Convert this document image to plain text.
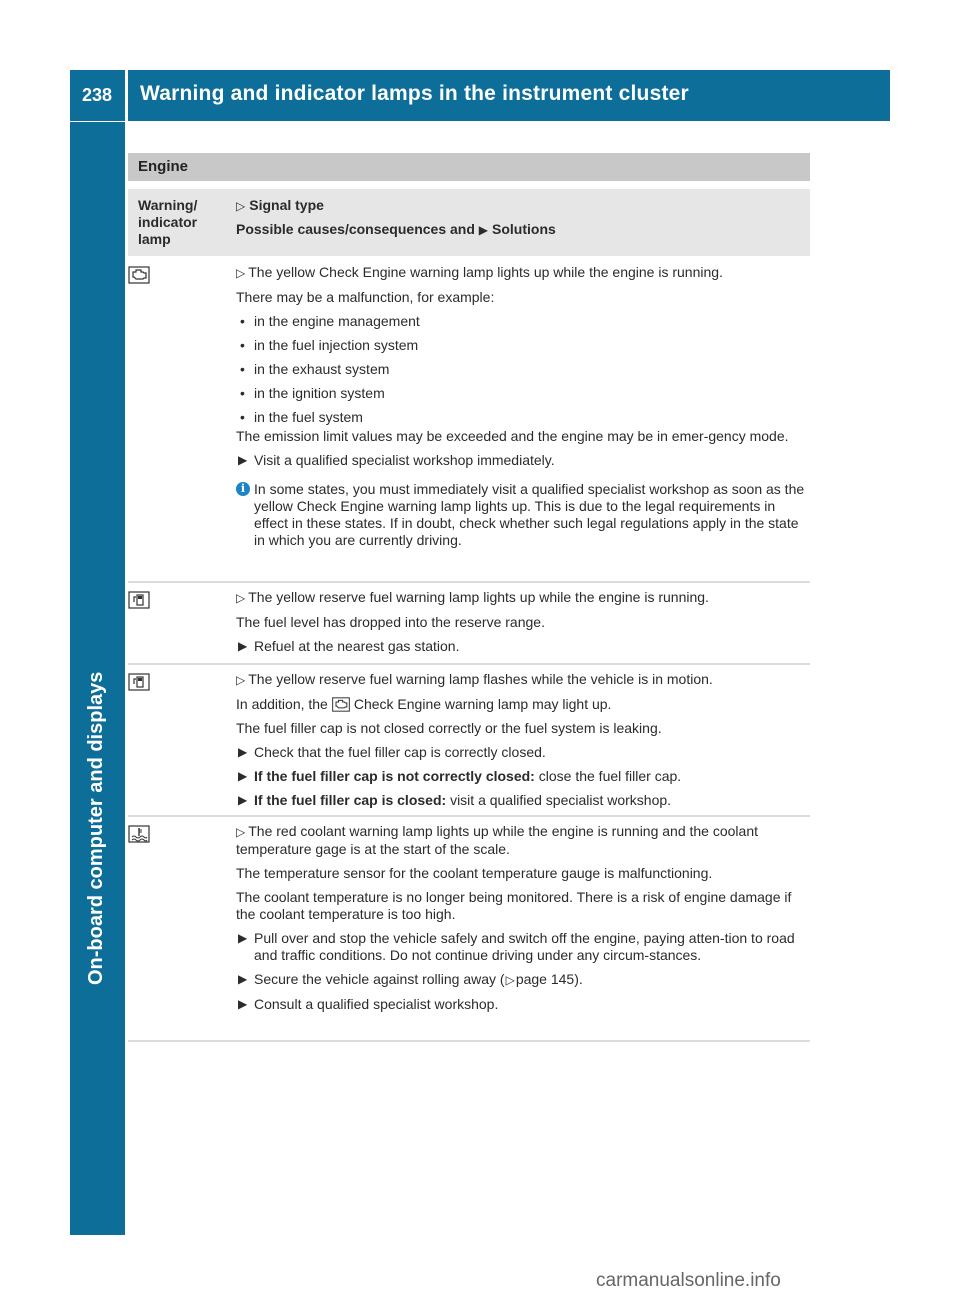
238 Warning and indicator lamps in the instrument cluster
On-board computer and displays
Engine
Warning/ indicator lamp
▷ Signal type
Possible causes/consequences and ▶ Solutions

▷ The yellow Check Engine warning lamp lights up while the engine is running.

There may be a malfunction, for example:

• in the engine management

• in the fuel injection system

• in the exhaust system

• in the ignition system

• in the fuel system

The emission limit values may be exceeded and the engine may be in emer-gency mode.

▶ Visit a qualified specialist workshop immediately.

i In some states, you must immediately visit a qualified specialist workshop as soon as the yellow Check Engine warning lamp lights up. This is due to the legal requirements in effect in these states. If in doubt, check whether such legal regulations apply in the state in which you are currently driving.

▷ The yellow reserve fuel warning lamp lights up while the engine is running.

The fuel level has dropped into the reserve range.

▶ Refuel at the nearest gas station.

▷ The yellow reserve fuel warning lamp flashes while the vehicle is in motion.

In addition, the Check Engine warning lamp may light up.

The fuel filler cap is not closed correctly or the fuel system is leaking.

▶ Check that the fuel filler cap is correctly closed.

▶ If the fuel filler cap is not correctly closed: close the fuel filler cap.

▶ If the fuel filler cap is closed: visit a qualified specialist workshop.

▷ The red coolant warning lamp lights up while the engine is running and the coolant temperature gage is at the start of the scale.

The temperature sensor for the coolant temperature gauge is malfunctioning.

The coolant temperature is no longer being monitored. There is a risk of engine damage if the coolant temperature is too high.

▶ Pull over and stop the vehicle safely and switch off the engine, paying atten-tion to road and traffic conditions. Do not continue driving under any circum-stances.

▶ Secure the vehicle against rolling away (▷page 145).

▶ Consult a qualified specialist workshop.

carmanualsonline.info
